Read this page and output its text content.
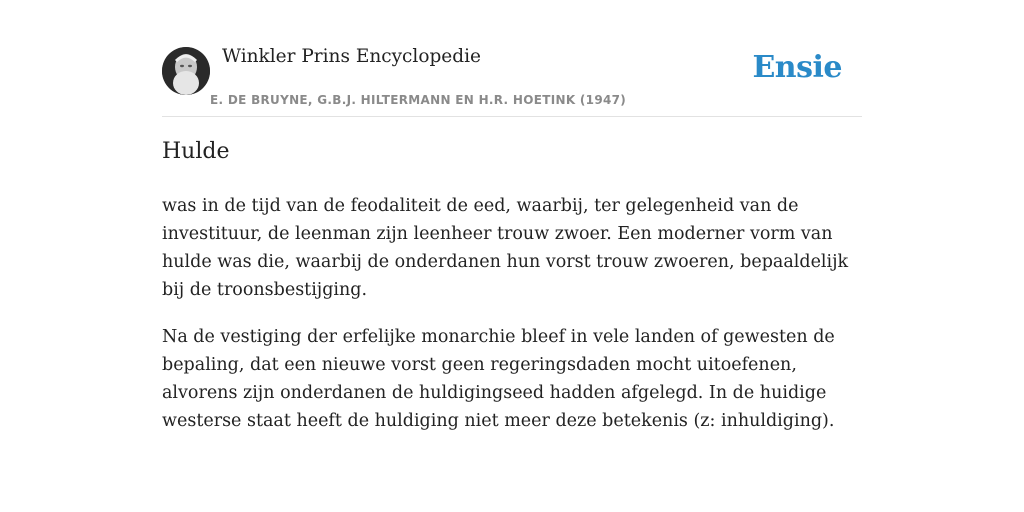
Winkler Prins Encyclopedie
E. DE BRUYNE, G.B.J. HILTERMANN EN H.R. HOETINK (1947)
Ensie
Hulde

was in de tijd van de feodaliteit de eed, waarbij, ter gelegenheid van de investituur, de leenman zijn leenheer trouw zwoer. Een moderner vorm van hulde was die, waarbij de onderdanen hun vorst trouw zwoeren, bepaaldelijk bij de troonsbestijging.

Na de vestiging der erfelijke monarchie bleef in vele landen of gewesten de bepaling, dat een nieuwe vorst geen regeringsdaden mocht uitoefenen, alvorens zijn onderdanen de huldigingseed hadden afgelegd. In de huidige westerse staat heeft de huldiging niet meer deze betekenis (z: inhuldiging).
